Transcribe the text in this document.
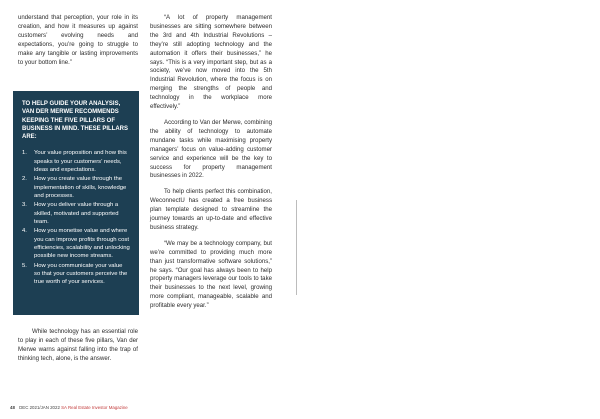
understand that perception, your role in its creation, and how it measures up against customers’ evolving needs and expectations, you’re going to struggle to make any tangible or lasting improvements to your bottom line.”

TO HELP GUIDE YOUR ANALYSIS, VAN DER MERWE RECOMMENDS KEEPING THE FIVE PILLARS OF BUSINESS IN MIND. THESE PILLARS ARE:
1.	Your value proposition and how this speaks to your customers’ needs, ideas and expectations.
2.	How you create value through the implementation of skills, knowledge and processes.
3.	How you deliver value through a skilled, motivated and supported team.
4.	How you monetise value and where you can improve profits through cost efficiencies, scalability and unlocking possible new income streams.
5.	How you communicate your value so that your customers perceive the true worth of your services.

While technology has an essential role to play in each of these five pillars, Van der Merwe warns against falling into the trap of thinking tech, alone, is the answer.

“A lot of property management businesses are sitting somewhere between the 3rd and 4th Industrial Revolutions – they’re still adopting technology and the automation it offers their businesses,” he says. “This is a very important step, but as a society, we’ve now moved into the 5th Industrial Revolution, where the focus is on merging the strengths of people and technology in the workplace more effectively.”

According to Van der Merwe, combining the ability of technology to automate mundane tasks while maximising property managers’ focus on value-adding customer service and experience will be the key to success for property management businesses in 2022.

To help clients perfect this combination, WeconnectU has created a free business plan template designed to streamline the journey towards an up-to-date and effective business strategy.

“We may be a technology company, but we’re committed to providing much more than just transformative software solutions,” he says. “Our goal has always been to help property managers leverage our tools to take their businesses to the next level, growing more compliant, manageable, scalable and profitable every year.”

48 DEC 2021/JAN 2022 SA Real Estate Investor Magazine
